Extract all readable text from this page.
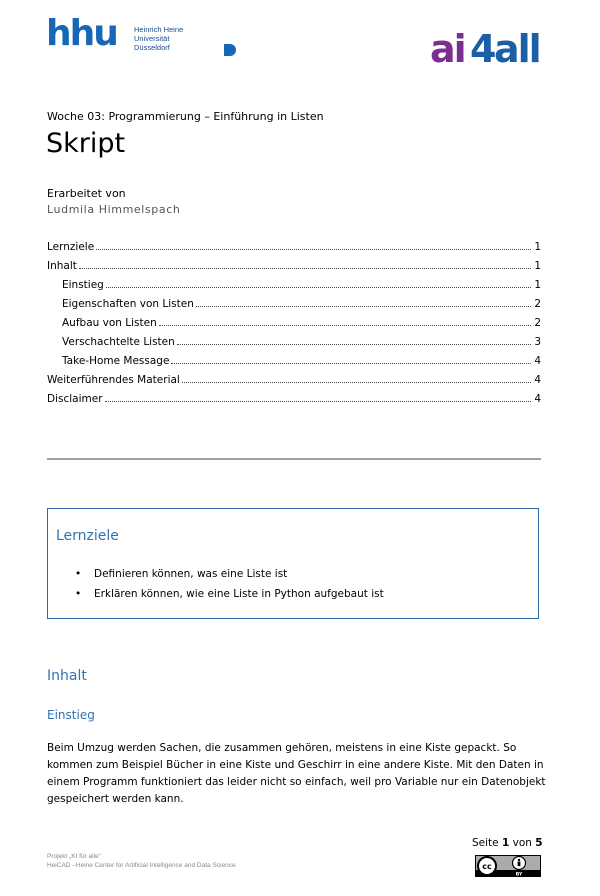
hhu Heinrich Heine
Universität
Düsseldorf	ai 4
all
Woche 03: Programmierung – Einführung in Listen
Skript
Erarbeitet von
Ludmila Himmelspach
Lernziele	1
Inhalt	1
Einstieg	1
Eigenschaften von Listen	2
Aufbau von Listen	2
Verschachtelte Listen	3
Take-Home Message	4
Weiterführendes Material	4
Disclaimer	4
Lernziele
• Definieren können, was eine Liste ist
• Erklären können, wie eine Liste in Python aufgebaut ist
Inhalt
Einstieg
Beim Umzug werden Sachen, die zusammen gehören, meistens in eine Kiste gepackt. So kommen zum Beispiel Bücher in eine Kiste und Geschirr in eine andere Kiste. Mit den Daten in einem Programm funktioniert das leider nicht so einfach, weil pro Variable nur ein Datenobjekt gespeichert werden kann.
Projekt „KI für alle“
HeiCAD –Heine Center for Artificial Intelligence and Data Science
Seite 1 von 5
cc
BY
